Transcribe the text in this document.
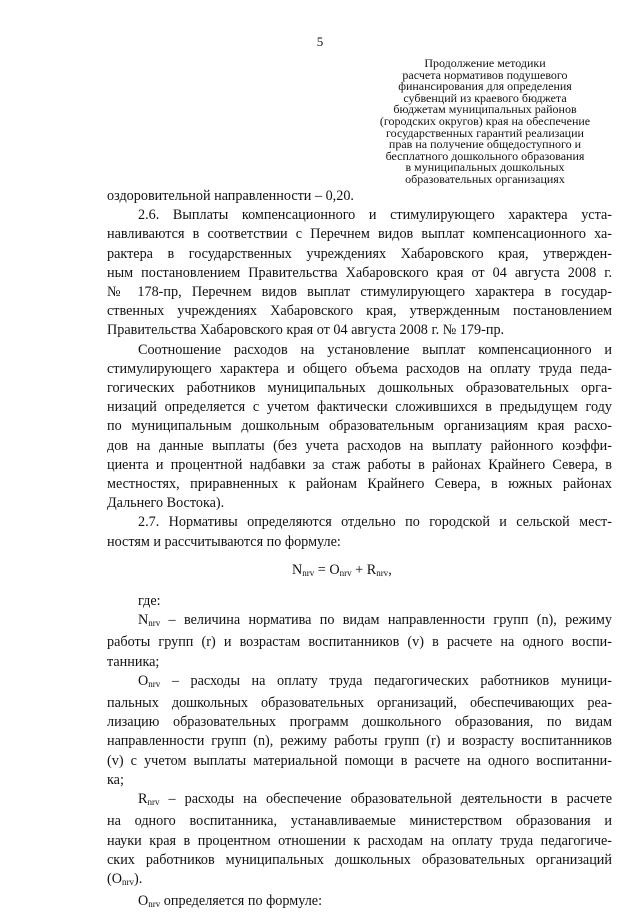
5
Продолжение методики
расчета нормативов подушевого
финансирования для определения
субвенций из краевого бюджета
бюджетам муниципальных районов
(городских округов) края на обеспечение
государственных гарантий реализации
прав на получение общедоступного и
бесплатного дошкольного образования
в муниципальных дошкольных
образовательных организациях
оздоровительной направленности – 0,20.
2.6. Выплаты компенсационного и стимулирующего характера уста-
навливаются в соответствии с Перечнем видов выплат компенсационного ха-
рактера в государственных учреждениях Хабаровского края, утвержден-
ным постановлением Правительства Хабаровского края от 04 августа 2008 г.
№ 178-пр, Перечнем видов выплат стимулирующего характера в государ-
ственных учреждениях Хабаровского края, утвержденным постановлением
Правительства Хабаровского края от 04 августа 2008 г. № 179-пр.
Соотношение расходов на установление выплат компенсационного и
стимулирующего характера и общего объема расходов на оплату труда педа-
гогических работников муниципальных дошкольных образовательных орга-
низаций определяется с учетом фактически сложившихся в предыдущем году
по муниципальным дошкольным образовательным организациям края расхо-
дов на данные выплаты (без учета расходов на выплату районного коэффи-
циента и процентной надбавки за стаж работы в районах Крайнего Севера, в
местностях, приравненных к районам Крайнего Севера, в южных районах
Дальнего Востока).
2.7. Нормативы определяются отдельно по городской и сельской мест-
ностям и рассчитываются по формуле:
$N_{nrv} = O_{nrv} + R_{nrv}$,
где:
$N_{nrv}$ – величина норматива по видам направленности групп (n), режиму
работы групп (r) и возрастам воспитанников (v) в расчете на одного воспи-
танника;
$O_{nrv}$ – расходы на оплату труда педагогических работников муници-
пальных дошкольных образовательных организаций, обеспечивающих реа-
лизацию образовательных программ дошкольного образования, по видам
направленности групп (n), режиму работы групп (r) и возрасту воспитанников
(v) с учетом выплаты материальной помощи в расчете на одного воспитанни-
ка;
$R_{nrv}$ – расходы на обеспечение образовательной деятельности в расчете
на одного воспитанника, устанавливаемые министерством образования и
науки края в процентном отношении к расходам на оплату труда педагогиче-
ских работников муниципальных дошкольных образовательных организаций
$(O_{nrv})$.
$O_{nrv}$ определяется по формуле:
